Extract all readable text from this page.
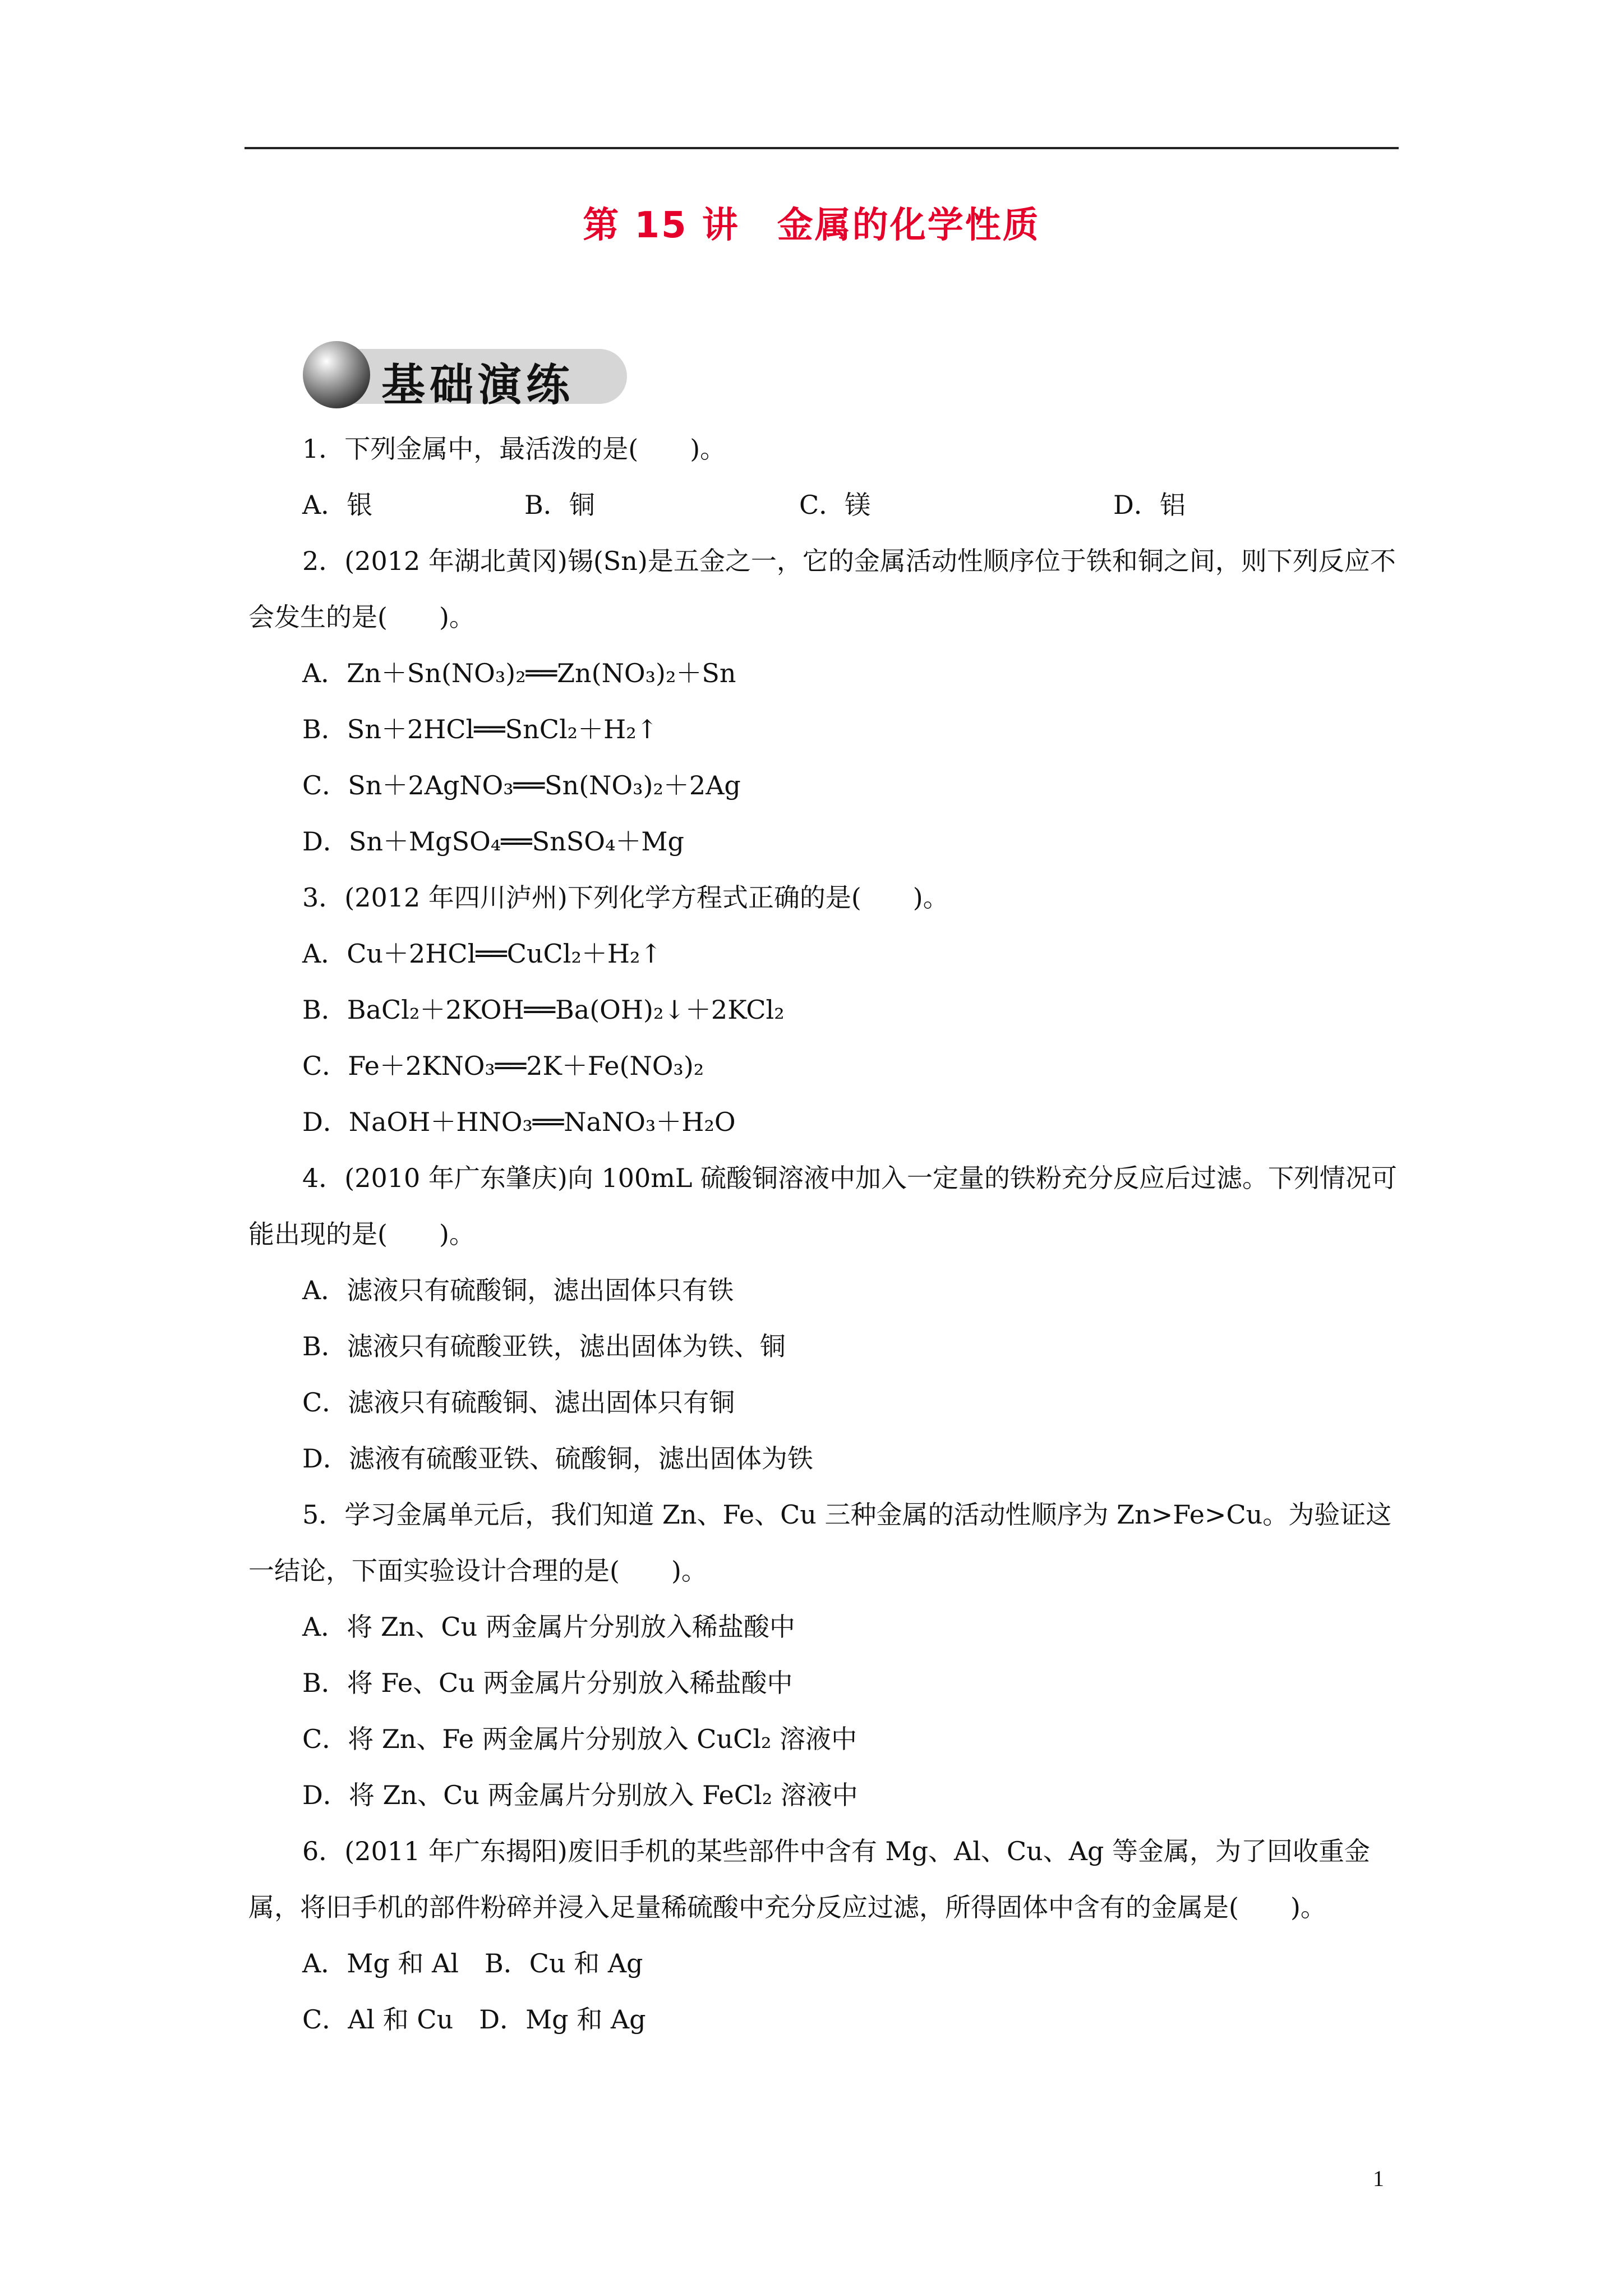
第 15 讲　金属的化学性质
基础演练

1．下列金属中，最活泼的是(　　)。

A．银	B．铜	C．镁	D．铝

2．(2012 年湖北黄冈)锡(Sn)是五金之一，它的金属活动性顺序位于铁和铜之间，则下列反应不会发生的是(　　)。

A．Zn＋Sn(NO₃)₂══Zn(NO₃)₂＋Sn

B．Sn＋2HCl══SnCl₂＋H₂↑

C．Sn＋2AgNO₃══Sn(NO₃)₂＋2Ag

D．Sn＋MgSO₄══SnSO₄＋Mg

3．(2012 年四川泸州)下列化学方程式正确的是(　　)。

A．Cu＋2HCl══CuCl₂＋H₂↑

B．BaCl₂＋2KOH══Ba(OH)₂↓＋2KCl₂

C．Fe＋2KNO₃══2K＋Fe(NO₃)₂

D．NaOH＋HNO₃══NaNO₃＋H₂O

4．(2010 年广东肇庆)向 100mL 硫酸铜溶液中加入一定量的铁粉充分反应后过滤。下列情况可能出现的是(　　)。

A．滤液只有硫酸铜，滤出固体只有铁

B．滤液只有硫酸亚铁，滤出固体为铁、铜

C．滤液只有硫酸铜、滤出固体只有铜

D．滤液有硫酸亚铁、硫酸铜，滤出固体为铁

5．学习金属单元后，我们知道 Zn、Fe、Cu 三种金属的活动性顺序为 Zn>Fe>Cu。为验证这一结论，下面实验设计合理的是(　　)。

A．将 Zn、Cu 两金属片分别放入稀盐酸中

B．将 Fe、Cu 两金属片分别放入稀盐酸中

C．将 Zn、Fe 两金属片分别放入 CuCl₂ 溶液中

D．将 Zn、Cu 两金属片分别放入 FeCl₂ 溶液中

6．(2011 年广东揭阳)废旧手机的某些部件中含有 Mg、Al、Cu、Ag 等金属，为了回收重金属，将旧手机的部件粉碎并浸入足量稀硫酸中充分反应过滤，所得固体中含有的金属是(　　)。

A．Mg 和 Al　B．Cu 和 Ag

C．Al 和 Cu　D．Mg 和 Ag

1
